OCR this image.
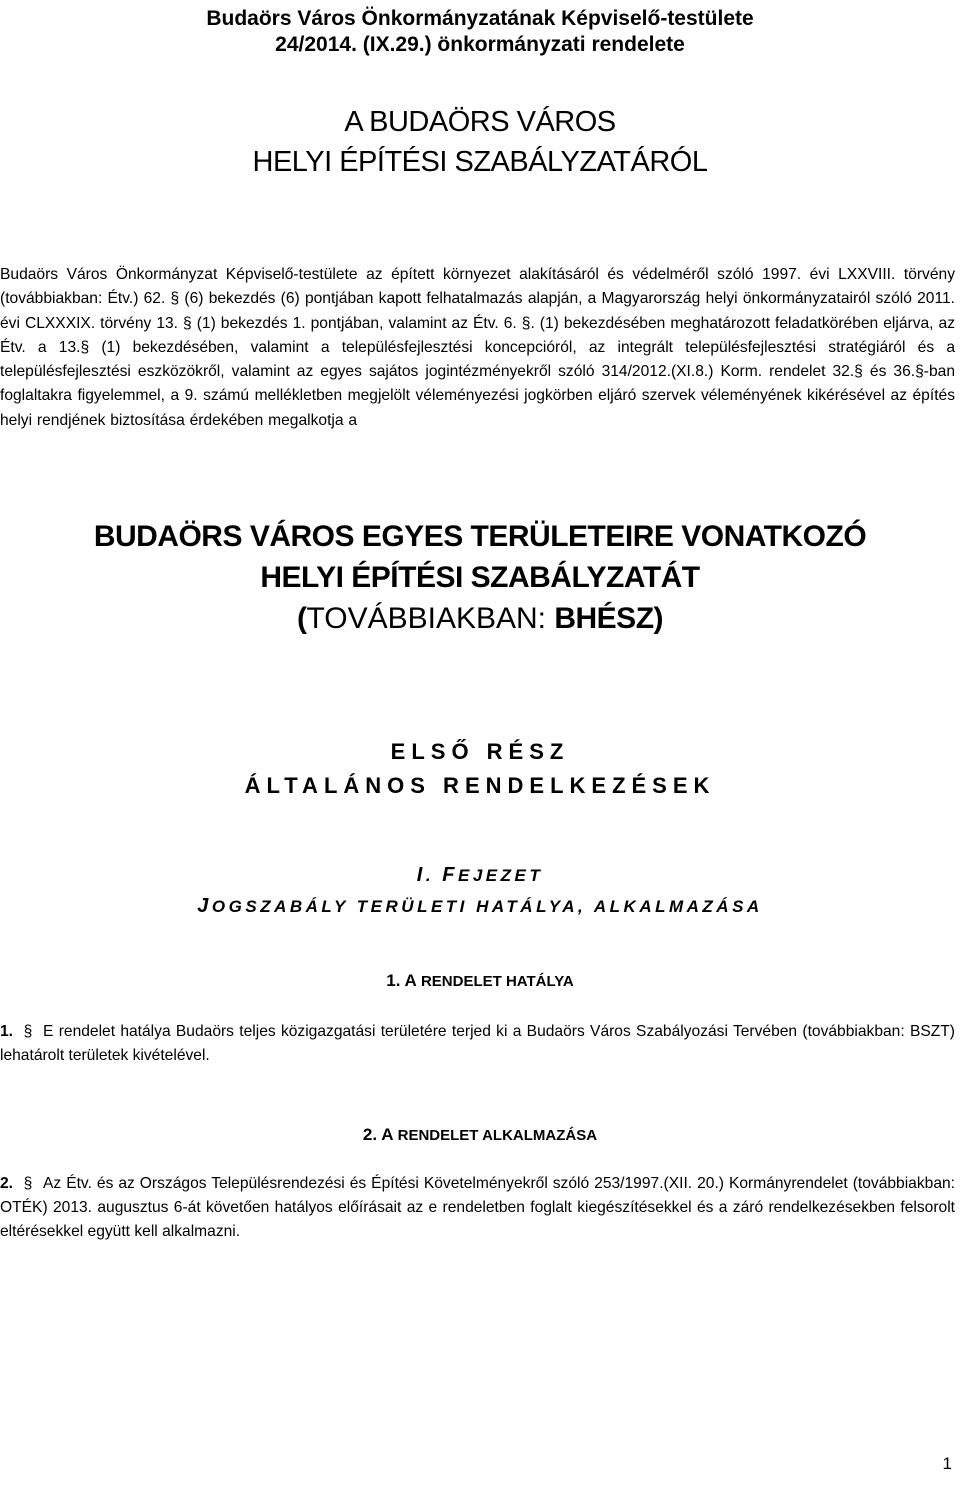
Budaörs Város Önkormányzatának Képviselő-testülete
24/2014. (IX.29.) önkormányzati rendelete
A BUDAÖRS VÁROS
HELYI ÉPÍTÉSI SZABÁLYZATÁRÓL
Budaörs Város Önkormányzat Képviselő-testülete az épített környezet alakításáról és védelméről szóló 1997. évi LXXVIII. törvény (továbbiakban: Étv.) 62. § (6) bekezdés (6) pontjában kapott felhatalmazás alapján, a Magyarország helyi önkormányzatairól szóló 2011. évi CLXXXIX. törvény 13. § (1) bekezdés 1. pontjában, valamint az Étv. 6. §. (1) bekezdésében meghatározott feladatkörében eljárva, az Étv. a 13.§ (1) bekezdésében, valamint a településfejlesztési koncepcióról, az integrált településfejlesztési stratégiáról és a településfejlesztési eszközökről, valamint az egyes sajátos jogintézményekről szóló 314/2012.(XI.8.) Korm. rendelet 32.§ és 36.§-ban foglaltakra figyelemmel, a 9. számú mellékletben megjelölt véleményezési jogkörben eljáró szervek véleményének kikérésével az építés helyi rendjének biztosítása érdekében megalkotja a
BUDAÖRS VÁROS EGYES TERÜLETEIRE VONATKOZÓ
HELYI ÉPÍTÉSI SZABÁLYZATÁT
(TOVÁBBIAKBAN: BHÉSZ)
ELSŐ RÉSZ
ÁLTALÁNOS RENDELKEZÉSEK
I. FEJEZET
JOGSZABÁLY TERÜLETI HATÁLYA, ALKALMAZÁSA
1. A RENDELET HATÁLYA
1. § E rendelet hatálya Budaörs teljes közigazgatási területére terjed ki a Budaörs Város Szabályozási Tervében (továbbiakban: BSZT) lehatárolt területek kivételével.
2. A RENDELET ALKALMAZÁSA
2. § Az Étv. és az Országos Településrendezési és Építési Követelményekről szóló 253/1997.(XII. 20.) Kormányrendelet (továbbiakban: OTÉK) 2013. augusztus 6-át követően hatályos előírásait az e rendeletben foglalt kiegészítésekkel és a záró rendelkezésekben felsorolt eltérésekkel együtt kell alkalmazni.
1
